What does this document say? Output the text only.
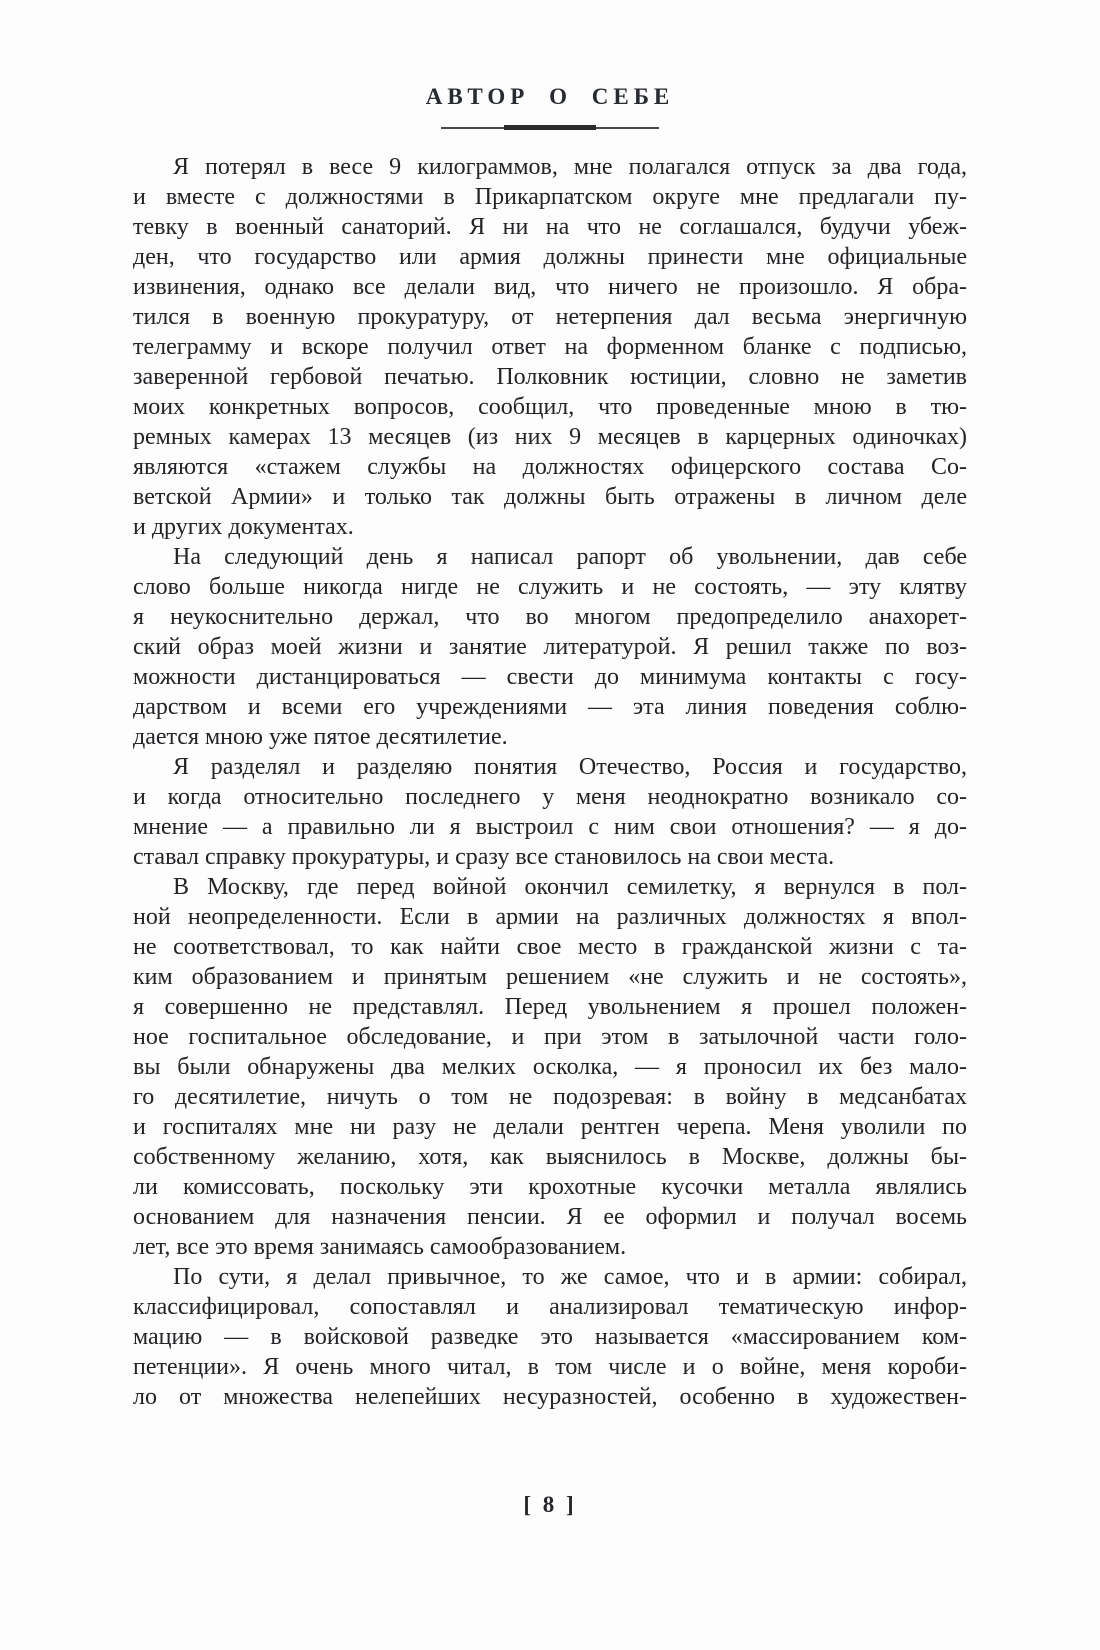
АВТОР О СЕБЕ
Я потерял в весе 9 килограммов, мне полагался отпуск за два года,
и вместе с должностями в Прикарпатском округе мне предлагали пу-
тевку в военный санаторий. Я ни на что не соглашался, будучи убеж-
ден, что государство или армия должны принести мне официальные
извинения, однако все делали вид, что ничего не произошло. Я обра-
тился в военную прокуратуру, от нетерпения дал весьма энергичную
телеграмму и вскоре получил ответ на форменном бланке с подписью,
заверенной гербовой печатью. Полковник юстиции, словно не заметив
моих конкретных вопросов, сообщил, что проведенные мною в тю-
ремных камерах 13 месяцев (из них 9 месяцев в карцерных одиночках)
являются «стажем службы на должностях офицерского состава Со-
ветской Армии» и только так должны быть отражены в личном деле
и других документах.
На следующий день я написал рапорт об увольнении, дав себе
слово больше никогда нигде не служить и не состоять, — эту клятву
я неукоснительно держал, что во многом предопределило анахорет-
ский образ моей жизни и занятие литературой. Я решил также по воз-
можности дистанцироваться — свести до минимума контакты с госу-
дарством и всеми его учреждениями — эта линия поведения соблю-
дается мною уже пятое десятилетие.
Я разделял и разделяю понятия Отечество, Россия и государство,
и когда относительно последнего у меня неоднократно возникало со-
мнение — а правильно ли я выстроил с ним свои отношения? — я до-
ставал справку прокуратуры, и сразу все становилось на свои места.
В Москву, где перед войной окончил семилетку, я вернулся в пол-
ной неопределенности. Если в армии на различных должностях я впол-
не соответствовал, то как найти свое место в гражданской жизни с та-
ким образованием и принятым решением «не служить и не состоять»,
я совершенно не представлял. Перед увольнением я прошел положен-
ное госпитальное обследование, и при этом в затылочной части голо-
вы были обнаружены два мелких осколка, — я проносил их без мало-
го десятилетие, ничуть о том не подозревая: в войну в медсанбатах
и госпиталях мне ни разу не делали рентген черепа. Меня уволили по
собственному желанию, хотя, как выяснилось в Москве, должны бы-
ли комиссовать, поскольку эти крохотные кусочки металла являлись
основанием для назначения пенсии. Я ее оформил и получал восемь
лет, все это время занимаясь самообразованием.
По сути, я делал привычное, то же самое, что и в армии: собирал,
классифицировал, сопоставлял и анализировал тематическую инфор-
мацию — в войсковой разведке это называется «массированием ком-
петенции». Я очень много читал, в том числе и о войне, меня короби-
ло от множества нелепейших несуразностей, особенно в художествен-
[ 8 ]
